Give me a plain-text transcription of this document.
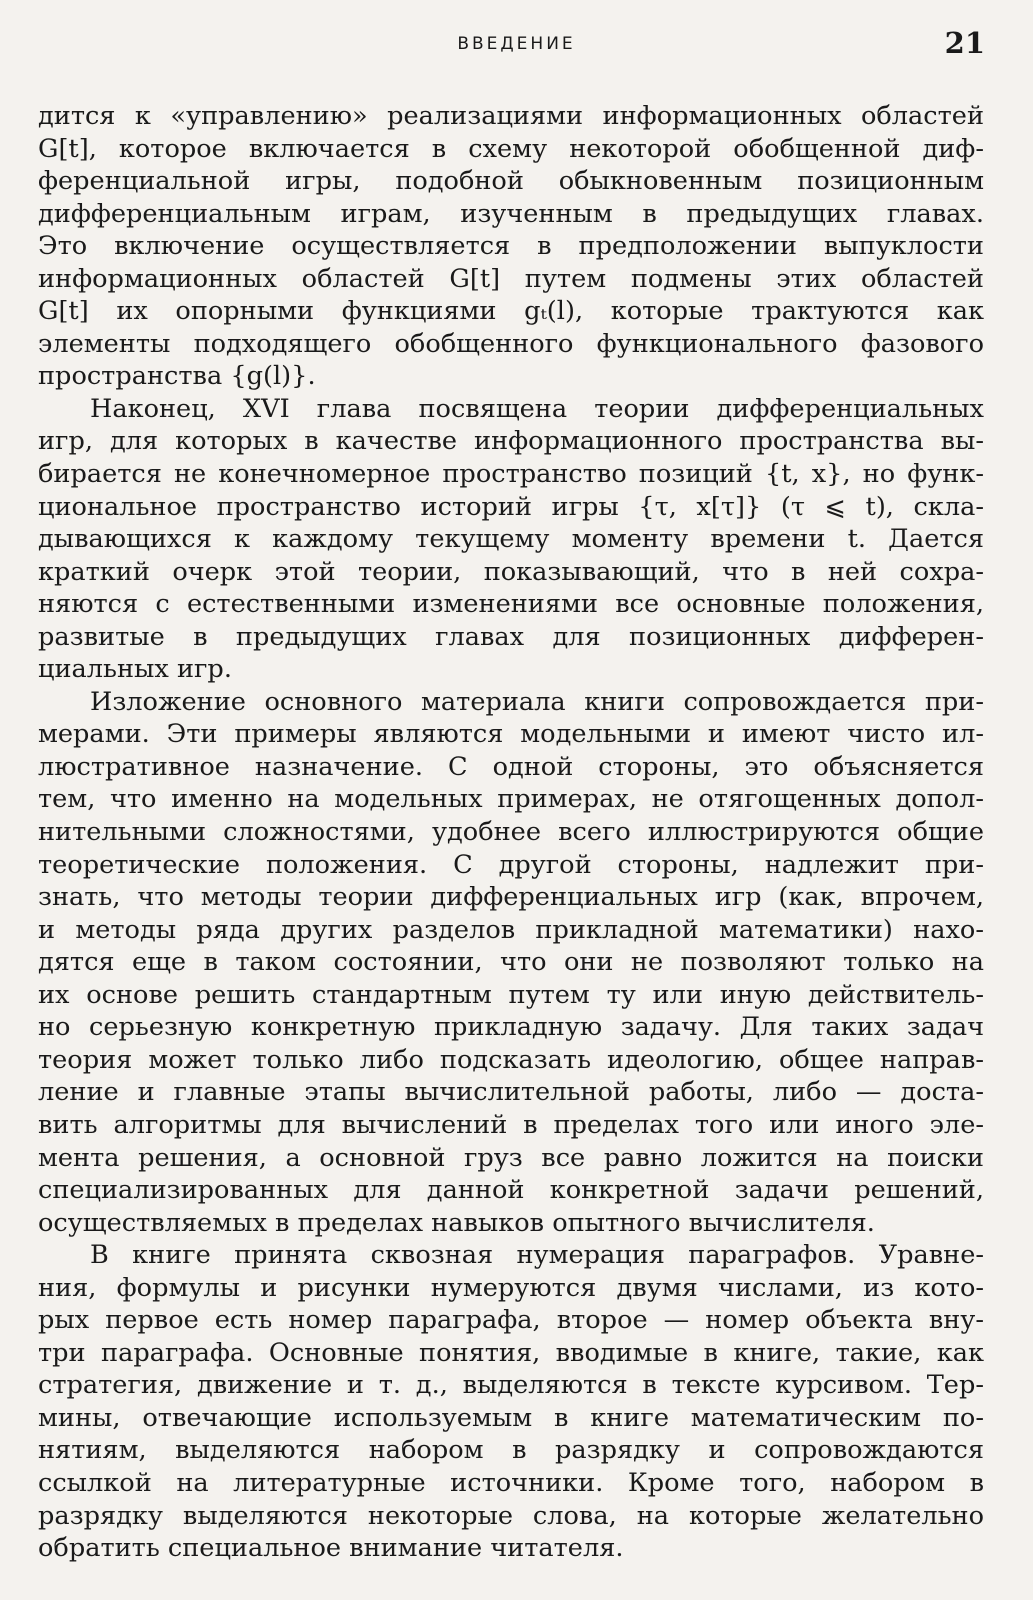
ВВЕДЕНИЕ	21
дится к «управлению» реализациями информационных областей
G[t], которое включается в схему некоторой обобщенной диф-
ференциальной игры, подобной обыкновенным позиционным
дифференциальным играм, изученным в предыдущих главах.
Это включение осуществляется в предположении выпуклости
информационных областей G[t] путем подмены этих областей
G[t] их опорными функциями gₜ(l), которые трактуются как
элементы подходящего обобщенного функционального фазового
пространства {g(l)}.
Наконец, XVI глава посвящена теории дифференциальных
игр, для которых в качестве информационного пространства вы-
бирается не конечномерное пространство позиций {t, x}, но функ-
циональное пространство историй игры {τ, x[τ]} (τ ⩽ t), скла-
дывающихся к каждому текущему моменту времени t. Дается
краткий очерк этой теории, показывающий, что в ней сохра-
няются с естественными изменениями все основные положения,
развитые в предыдущих главах для позиционных дифферен-
циальных игр.
Изложение основного материала книги сопровождается при-
мерами. Эти примеры являются модельными и имеют чисто ил-
люстративное назначение. С одной стороны, это объясняется
тем, что именно на модельных примерах, не отягощенных допол-
нительными сложностями, удобнее всего иллюстрируются общие
теоретические положения. С другой стороны, надлежит при-
знать, что методы теории дифференциальных игр (как, впрочем,
и методы ряда других разделов прикладной математики) нахо-
дятся еще в таком состоянии, что они не позволяют только на
их основе решить стандартным путем ту или иную действитель-
но серьезную конкретную прикладную задачу. Для таких задач
теория может только либо подсказать идеологию, общее направ-
ление и главные этапы вычислительной работы, либо — доста-
вить алгоритмы для вычислений в пределах того или иного эле-
мента решения, а основной груз все равно ложится на поиски
специализированных для данной конкретной задачи решений,
осуществляемых в пределах навыков опытного вычислителя.
В книге принята сквозная нумерация параграфов. Уравне-
ния, формулы и рисунки нумеруются двумя числами, из кото-
рых первое есть номер параграфа, второе — номер объекта вну-
три параграфа. Основные понятия, вводимые в книге, такие, как
стратегия, движение и т. д., выделяются в тексте курсивом. Тер-
мины, отвечающие используемым в книге математическим по-
нятиям, выделяются набором в разрядку и сопровождаются
ссылкой на литературные источники. Кроме того, набором в
разрядку выделяются некоторые слова, на которые желательно
обратить специальное внимание читателя.
